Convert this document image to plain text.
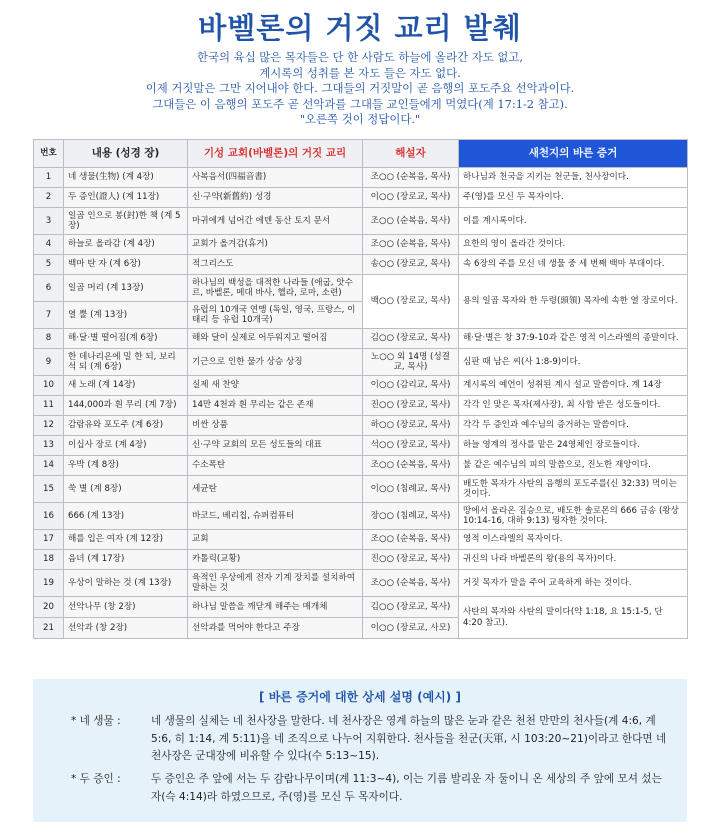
바벨론의 거짓 교리 발췌
한국의 육십 많은 목자들은 단 한 사람도 하늘에 올라간 자도 없고,
계시록의 성취를 본 자도 들은 자도 없다.
이제 거짓말은 그만 지어내야 한다. 그대들의 거짓말이 곧 음행의 포도주요 선악과이다.
그대들은 이 음행의 포도주 곧 선악과를 그대들 교인들에게 먹였다(계 17:1-2 참고).
"오른쪽 것이 정답이다."
번호	내용 (성경 장)	기성 교회(바벨론)의 거짓 교리	해설자	새천지의 바른 증거
1	네 생물(生物) (계 4장)	사복음서(四福音書)	조○○ (순복음, 목사)	하나님과 천국을 지키는 천군들, 천사장이다.
2	두 증인(證人) (계 11장)	신·구약(新舊約) 성경	이○○ (장로교, 목사)	주(영)를 모신 두 목자이다.
3	일곱 인으로 봉(封)한 책 (계 5장)	마귀에게 넘어간 에덴 동산 토지 문서	조○○ (순복음, 목사)	이를 계시록이다.
4	하늘로 올라감 (계 4장)	교회가 올겨감(휴거)	조○○ (순복음, 목사)	요한의 영이 올라간 것이다.
5	백마 탄 자 (계 6장)	적그리스도	송○○ (장로교, 목사)	속 6장의 주를 모신 네 생물 중 세 번째 백마 부대이다.
6	일곱 머리 (계 13장)	하나님의 백성을 대적한 나라들 (애굽, 앗수르, 바벨론, 메대 바사, 헬라, 로마, 소련)	백○○ (장로교, 목사)	용의 일곱 목자와 한 두령(頭領) 목자에 속한 열 장로이다.
7	열 뿔 (계 13장)	유럽의 10개국 연맹 (독일, 영국, 프랑스, 이태리 등 유럽 10개국)		
8	해·달·별 떨어짐(계 6장)	해와 달이 실제로 어두워지고 떨어짐	김○○ (장로교, 목사)	해·달·별은 창 37:9-10과 같은 영적 이스라엘의 종말이다.
9	한 데나리온에 밀 한 되, 보리 석 되 (계 6장)	기근으로 인한 물가 상승 상징	노○○ 외 14명 (성결교, 목사)	심판 때 남은 씨(사 1:8-9)이다.
10	새 노래 (계 14장)	실제 새 찬양	이○○ (감리교, 목사)	계시록의 예언이 성취된 계시 설교 말씀이다. 계 14장
11	144,000과 흰 무리 (계 7장)	14만 4천과 흰 무리는 같은 존재	진○○ (장로교, 목사)	각각 인 맞은 목자(제사장), 최 사함 받은 성도들이다.
12	감람유와 포도주 (계 6장)	비싼 상품	하○○ (장로교, 목사)	각각 두 증인과 예수님의 증거하는 말씀이다.
13	이십사 장로 (계 4장)	신·구약 교회의 모든 성도들의 대표	석○○ (장로교, 목사)	하늘 영계의 정사를 맡은 24영체인 장로들이다.
14	우박 (계 8장)	수소폭탄	조○○ (순복음, 목사)	불 같은 예수님의 피의 말씀으로, 진노한 재앙이다.
15	쑥 별 (계 8장)	세균탄	이○○ (침례교, 목사)	배도한 목자가 사탄의 음행의 포도주를(신 32:33) 먹이는 것이다.
16	666 (계 13장)	바코드, 베리칩, 슈퍼컴퓨터	장○○ (침례교, 목사)	땅에서 올라온 짐승으로, 배도한 솔로몬의 666 금송 (왕상 10:14-16, 대하 9:13) 뭥자한 것이다.
17	해를 입은 여자 (계 12장)	교회	조○○ (순복음, 목사)	영적 이스라엘의 목자이다.
18	음녀 (계 17장)	카톨릭(교황)	진○○ (장로교, 목사)	귀신의 나라 바벨론의 왕(용의 목자)이다.
19	우상이 말하는 것 (계 13장)	육적인 우상에게 전자 기계 장치를 설치하여 말하는 것	조○○ (순복음, 목사)	거짓 목자가 말을 주어 교육하게 하는 것이다.
20	선악나무 (창 2장)	하나님 말씀을 깨닫게 해주는 매개체	김○○ (장로교, 목사)	사탄의 목자와 사탄의 말이다(약 1:18, 요 15:1-5, 단 4:20 참고).
21	선악과 (창 2장)	선악과를 먹어야 한다고 주장	이○○ (장로교, 사모)	
[ 바른 증거에 대한 상세 설명 (예시) ]
* 네 생물 :	네 생물의 실체는 네 천사장을 말한다. 네 천사장은 영계 하늘의 많은 눈과 같은 천천 만만의 천사들(계 4:6, 계 5:6, 히 1:14, 계 5:11)을 네 조직으로 나누어 지휘한다. 천사들을 천군(天軍, 시 103:20~21)이라고 한다면 네 천사장은 군대장에 비유할 수 있다(수 5:13~15).
* 두 증인 :	두 증인은 주 앞에 서는 두 감람나무이며(계 11:3~4), 이는 기름 발리운 자 둘이니 온 세상의 주 앞에 모셔 섰는 자(슥 4:14)라 하였으므로, 주(영)를 모신 두 목자이다.
